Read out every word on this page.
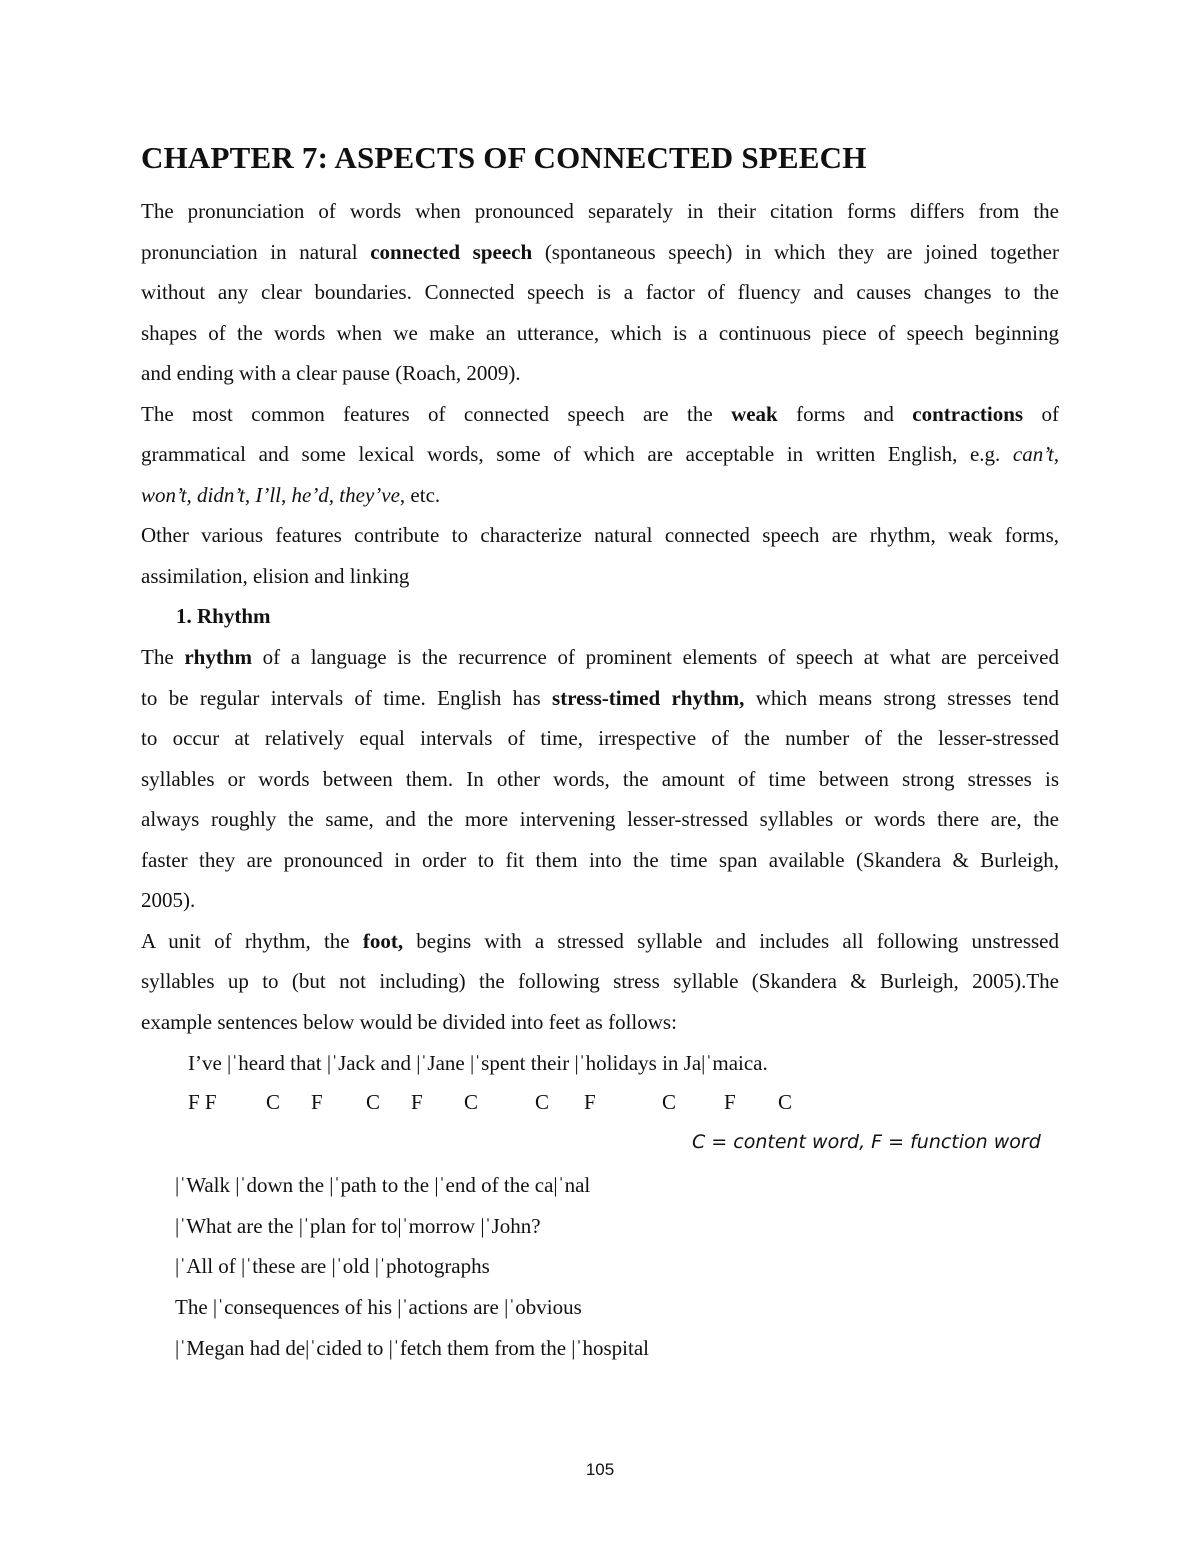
CHAPTER 7: ASPECTS OF CONNECTED SPEECH
The pronunciation of words when pronounced separately in their citation forms differs from the
pronunciation in natural connected speech (spontaneous speech) in which they are joined together
without any clear boundaries. Connected speech is a factor of fluency and causes changes to the
shapes of the words when we make an utterance, which is a continuous piece of speech beginning
and ending with a clear pause (Roach, 2009).
The most common features of connected speech are the weak forms and contractions of
grammatical and some lexical words, some of which are acceptable in written English, e.g. can’t,
won’t, didn’t, I’ll, he’d, they’ve, etc.
Other various features contribute to characterize natural connected speech are rhythm, weak forms,
assimilation, elision and linking
1. Rhythm
The rhythm of a language is the recurrence of prominent elements of speech at what are perceived
to be regular intervals of time. English has stress-timed rhythm, which means strong stresses tend
to occur at relatively equal intervals of time, irrespective of the number of the lesser-stressed
syllables or words between them. In other words, the amount of time between strong stresses is
always roughly the same, and the more intervening lesser-stressed syllables or words there are, the
faster they are pronounced in order to fit them into the time span available (Skandera & Burleigh,
2005).
A unit of rhythm, the foot, begins with a stressed syllable and includes all following unstressed
syllables up to (but not including) the following stress syllable (Skandera & Burleigh, 2005).The
example sentences below would be divided into feet as follows:
I’ve |ˈheard that |ˈJack and |ˈJane |ˈspent their |ˈholidays in Ja|ˈmaica.
F F C F C F C	C F	C F C
C = content word, F = function word
|ˈWalk |ˈdown the |ˈpath to the |ˈend of the ca|ˈnal
|ˈWhat are the |ˈplan for to|ˈmorrow |ˈJohn?
|ˈAll of |ˈthese are |ˈold |ˈphotographs
The |ˈconsequences of his |ˈactions are |ˈobvious
|ˈMegan had de|ˈcided to |ˈfetch them from the |ˈhospital
105
